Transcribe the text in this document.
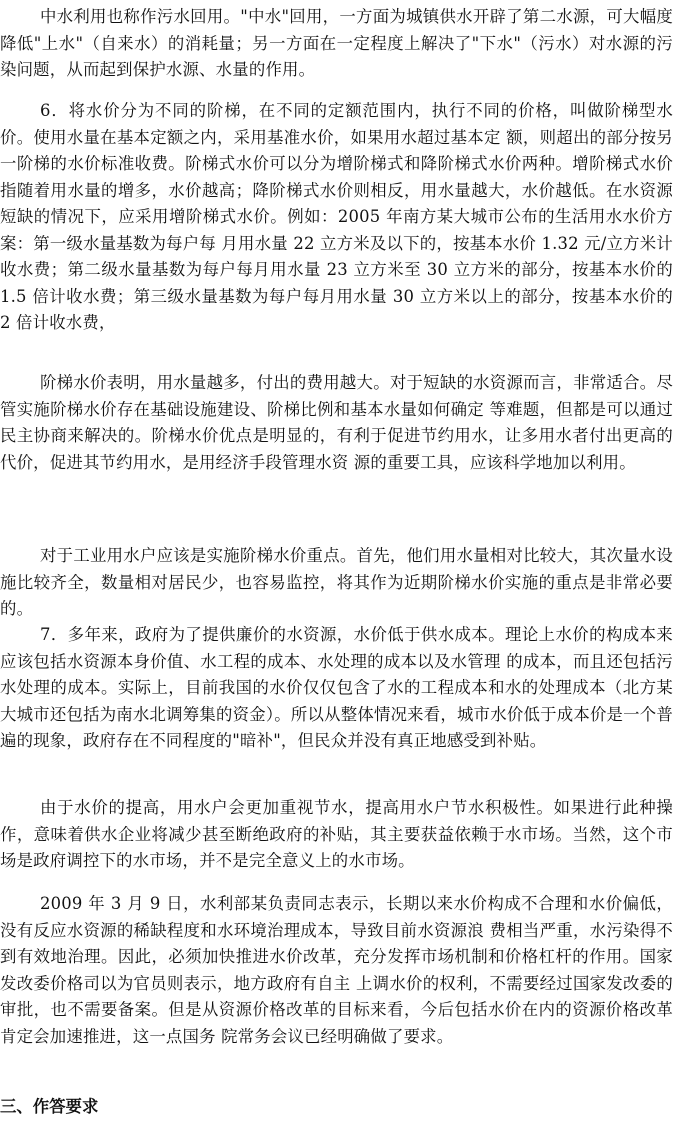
中水利用也称作污水回用。"中水"回用，一方面为城镇供水开辟了第二水源，可大幅度降低"上水"（自来水）的消耗量；另一方面在一定程度上解决了"下水"（污水）对水源的污染问题，从而起到保护水源、水量的作用。

6．将水价分为不同的阶梯，在不同的定额范围内，执行不同的价格，叫做阶梯型水价。使用水量在基本定额之内，采用基准水价，如果用水超过基本定 额，则超出的部分按另一阶梯的水价标准收费。阶梯式水价可以分为增阶梯式和降阶梯式水价两种。增阶梯式水价指随着用水量的增多，水价越高；降阶梯式水价则相反，用水量越大，水价越低。在水资源短缺的情况下，应采用增阶梯式水价。例如：2005 年南方某大城市公布的生活用水水价方案：第一级水量基数为每户每 月用水量 22 立方米及以下的，按基本水价 1.32 元/立方米计收水费；第二级水量基数为每户每月用水量 23 立方米至 30 立方米的部分，按基本水价的 1.5 倍计收水费；第三级水量基数为每户每月用水量 30 立方米以上的部分，按基本水价的 2 倍计收水费，

阶梯水价表明，用水量越多，付出的费用越大。对于短缺的水资源而言，非常适合。尽管实施阶梯水价存在基础设施建设、阶梯比例和基本水量如何确定 等难题，但都是可以通过民主协商来解决的。阶梯水价优点是明显的，有利于促进节约用水，让多用水者付出更高的代价，促进其节约用水，是用经济手段管理水资 源的重要工具，应该科学地加以利用。

对于工业用水户应该是实施阶梯水价重点。首先，他们用水量相对比较大，其次量水设施比较齐全，数量相对居民少，也容易监控，将其作为近期阶梯水价实施的重点是非常必要的。

7．多年来，政府为了提供廉价的水资源，水价低于供水成本。理论上水价的构成本来应该包括水资源本身价值、水工程的成本、水处理的成本以及水管理 的成本，而且还包括污水处理的成本。实际上，目前我国的水价仅仅包含了水的工程成本和水的处理成本（北方某大城市还包括为南水北调筹集的资金）。所以从整体情况来看，城市水价低于成本价是一个普遍的现象，政府存在不同程度的"暗补"，但民众并没有真正地感受到补贴。

由于水价的提高，用水户会更加重视节水，提高用水户节水积极性。如果进行此种操作，意味着供水企业将减少甚至断绝政府的补贴，其主要获益依赖于水市场。当然，这个市场是政府调控下的水市场，并不是完全意义上的水市场。

2009 年 3 月 9 日，水利部某负责同志表示，长期以来水价构成不合理和水价偏低，没有反应水资源的稀缺程度和水环境治理成本，导致目前水资源浪 费相当严重，水污染得不到有效地治理。因此，必须加快推进水价改革，充分发挥市场机制和价格杠杆的作用。国家发改委价格司以为官员则表示，地方政府有自主 上调水价的权利，不需要经过国家发改委的审批，也不需要备案。但是从资源价格改革的目标来看，今后包括水价在内的资源价格改革肯定会加速推进，这一点国务 院常务会议已经明确做了要求。

三、作答要求
